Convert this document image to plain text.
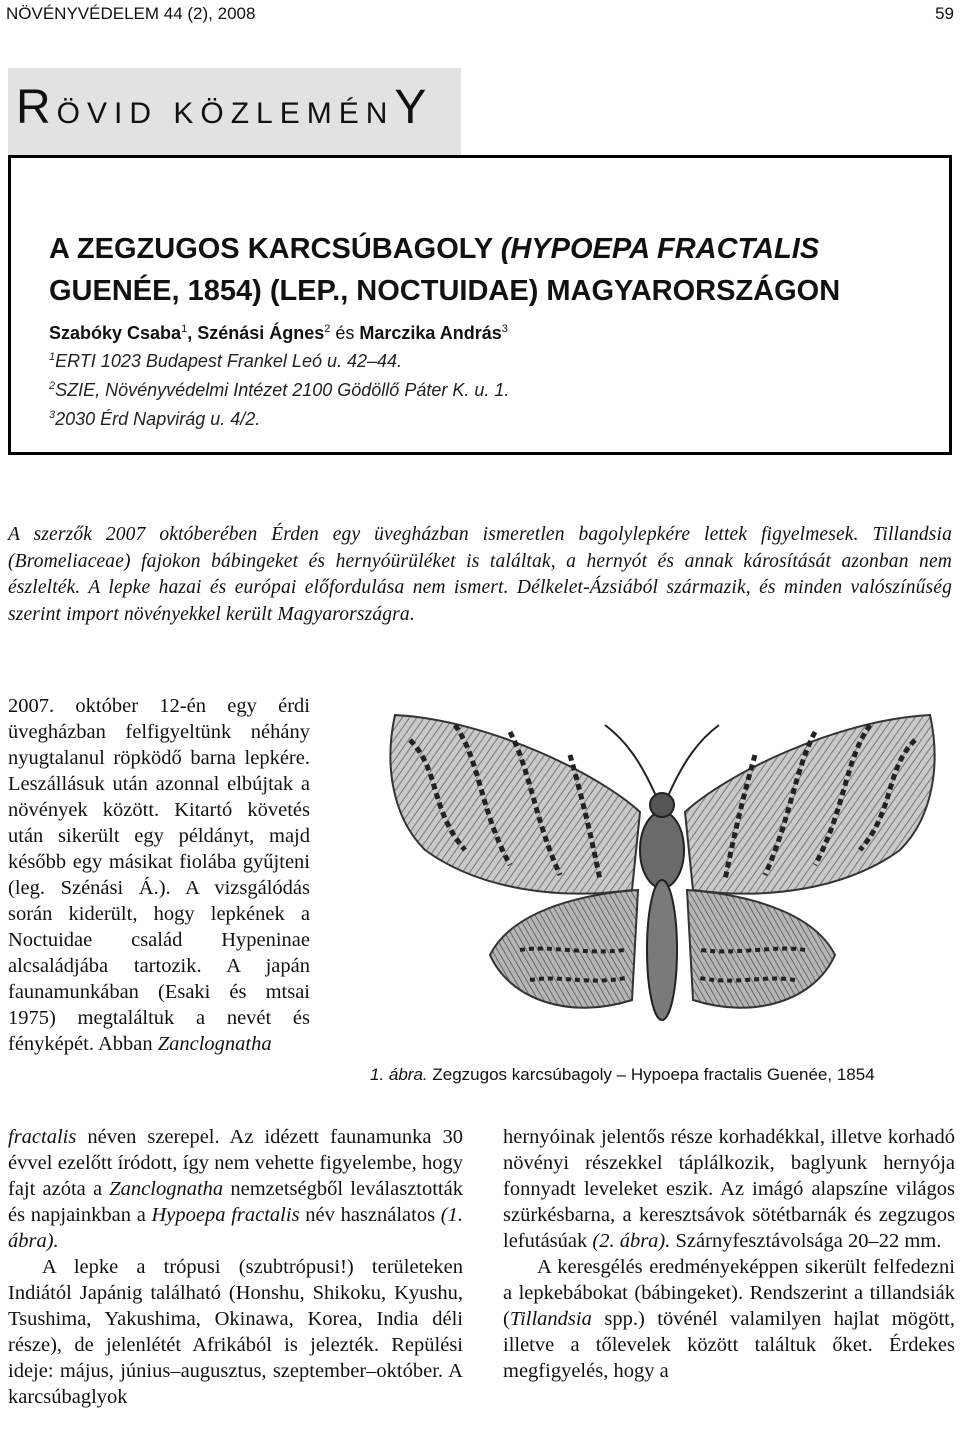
NÖVÉNYVÉDELEM 44 (2), 2008	59
RÖVID KÖZLEMÉNY
A ZEGZUGOS KARCSÚBAGOLY (HYPOEPA FRACTALIS
GUENÉE, 1854) (LEP., NOCTUIDAE) MAGYARORSZÁGON
Szabóky Csaba$^1$, Szénási Ágnes$^2$ és Marczika András$^3$
$^1$ERTI 1023 Budapest Frankel Leó u. 42–44.
$^2$SZIE, Növényvédelmi Intézet 2100 Gödöllő Páter K. u. 1.
$^3$2030 Érd Napvirág u. 4/2.

A szerzők 2007 októberében Érden egy üvegházban ismeretlen bagolylepkére lettek figyelmesek. Tillandsia (Bromeliaceae) fajokon bábingeket és hernyóürüléket is találtak, a hernyót és annak károsítását azonban nem észlelték. A lepke hazai és európai előfordulása nem ismert. Délkelet-Ázsiából származik, és minden valószínűség szerint import növényekkel került Magyarországra.

2007. október 12-én egy érdi üvegházban felfigyeltünk néhány nyugtalanul röpködő barna lepkére. Leszállásuk után azonnal elbújtak a növények között. Kitartó követés után sikerült egy példányt, majd később egy másikat fiolába gyűjteni (leg. Szénási Á.). A vizsgálódás során kiderült, hogy lepkének a Noctuidae család Hypeninae alcsaládjába tartozik. A japán faunamunkában (Esaki és mtsai 1975) megtaláltuk a nevét és fényképét. Abban Zanclognatha

1. ábra. Zegzugos karcsúbagoly – Hypoepa fractalis Guenée, 1854

fractalis néven szerepel. Az idézett faunamunka 30 évvel ezelőtt íródott, így nem vehette figyelembe, hogy fajt azóta a Zanclognatha nemzetségből leválasztották és napjainkban a Hypoepa fractalis név használatos (1. ábra).

A lepke a trópusi (szubtrópusi!) területeken Indiától Japánig található (Honshu, Shikoku, Kyushu, Tsushima, Yakushima, Okinawa, Korea, India déli része), de jelenlétét Afrikából is jelezték. Repülési ideje: május, június–augusztus, szeptember–október. A karcsúbaglyok

hernyóinak jelentős része korhadékkal, illetve korhadó növényi részekkel táplálkozik, baglyunk hernyója fonnyadt leveleket eszik. Az imágó alapszíne világos szürkésbarna, a keresztsávok sötétbarnák és zegzugos lefutásúak (2. ábra). Szárnyfesztávolsága 20–22 mm.

A keresgélés eredményeképpen sikerült felfedezni a lepkebábokat (bábingeket). Rendszerint a tillandsiák (Tillandsia spp.) tövénél valamilyen hajlat mögött, illetve a tőlevelek között találtuk őket. Érdekes megfigyelés, hogy a
